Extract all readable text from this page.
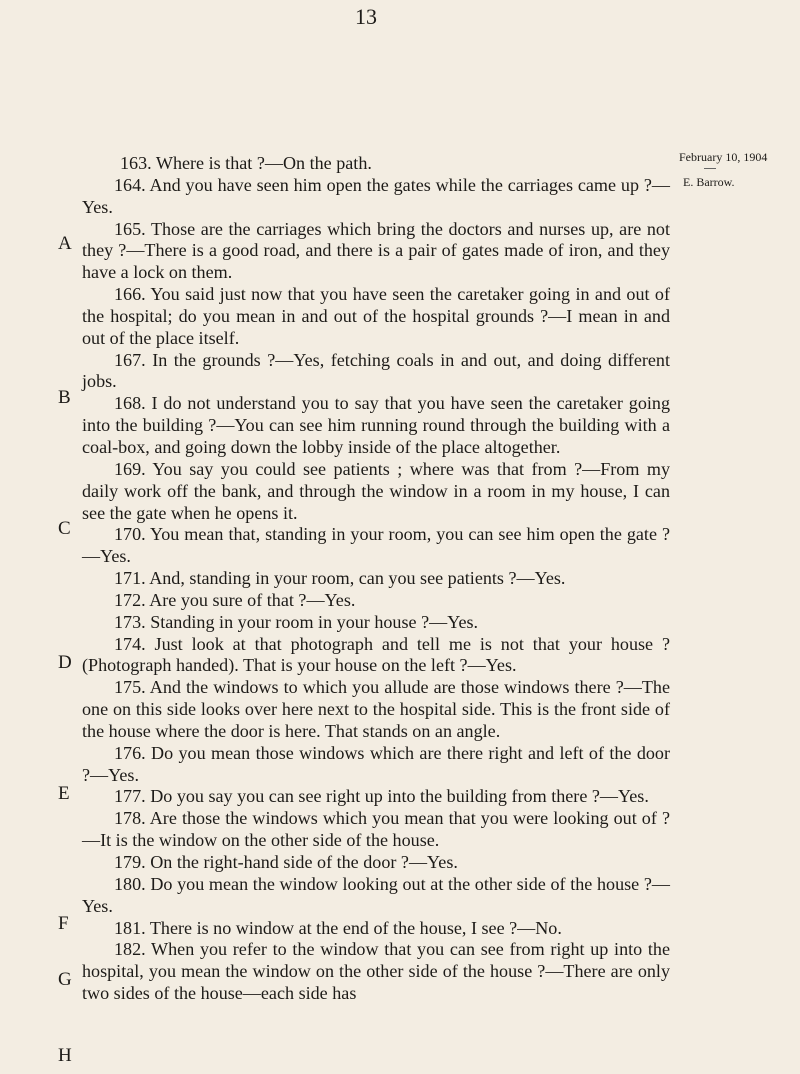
13
February 10, 1904
E. Barrow.
A
B
C
D
E
F
G
H

163. Where is that ?—On the path.

164. And you have seen him open the gates while the carriages came up ?—Yes.

165. Those are the carriages which bring the doctors and nurses up, are not they ?—There is a good road, and there is a pair of gates made of iron, and they have a lock on them.

166. You said just now that you have seen the caretaker going in and out of the hospital; do you mean in and out of the hospital grounds ?—I mean in and out of the place itself.

167. In the grounds ?—Yes, fetching coals in and out, and doing different jobs.

168. I do not understand you to say that you have seen the caretaker going into the building ?—You can see him running round through the building with a coal-box, and going down the lobby inside of the place altogether.

169. You say you could see patients ; where was that from ?—From my daily work off the bank, and through the window in a room in my house, I can see the gate when he opens it.

170. You mean that, standing in your room, you can see him open the gate ?—Yes.

171. And, standing in your room, can you see patients ?—Yes.

172. Are you sure of that ?—Yes.

173. Standing in your room in your house ?—Yes.

174. Just look at that photograph and tell me is not that your house ? (Photograph handed). That is your house on the left ?—Yes.

175. And the windows to which you allude are those windows there ?—The one on this side looks over here next to the hospital side. This is the front side of the house where the door is here. That stands on an angle.

176. Do you mean those windows which are there right and left of the door ?—Yes.

177. Do you say you can see right up into the building from there ?—Yes.

178. Are those the windows which you mean that you were looking out of ?—It is the window on the other side of the house.

179. On the right-hand side of the door ?—Yes.

180. Do you mean the window looking out at the other side of the house ?—Yes.

181. There is no window at the end of the house, I see ?—No.

182. When you refer to the window that you can see from right up into the hospital, you mean the window on the other side of the house ?—There are only two sides of the house—each side has
